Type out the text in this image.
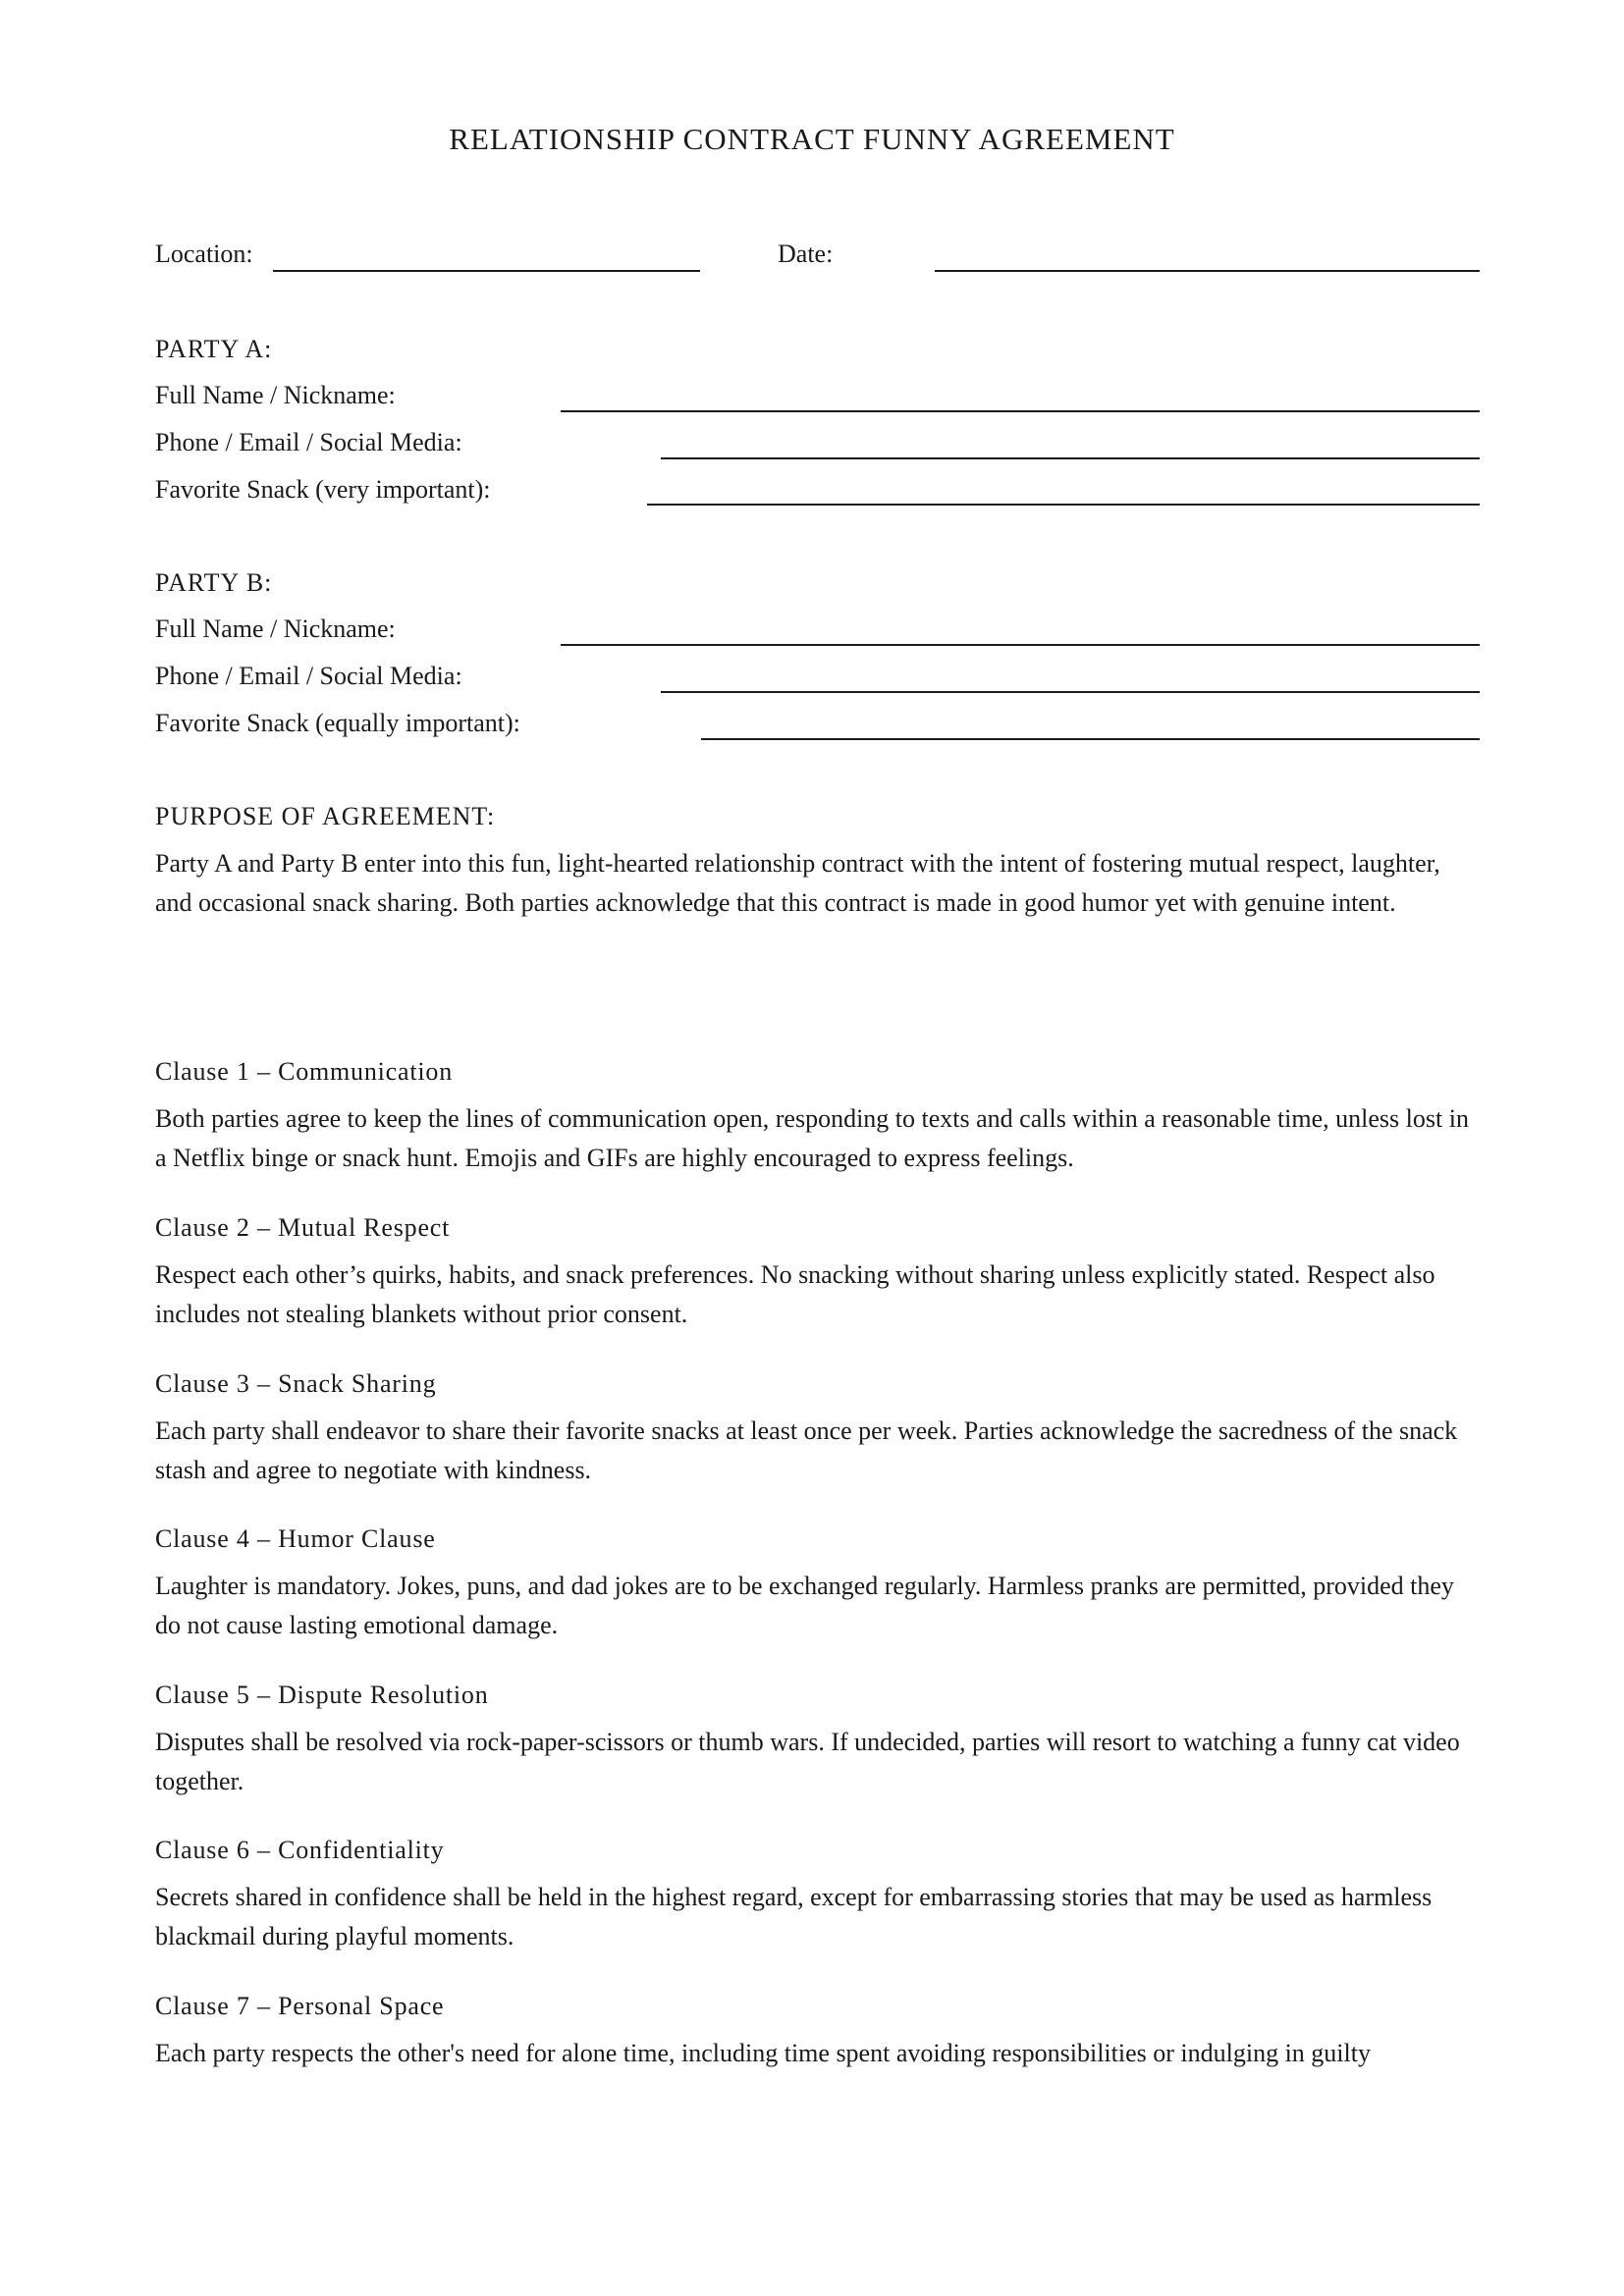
RELATIONSHIP CONTRACT FUNNY AGREEMENT
Location:	Date:
PARTY A:
Full Name / Nickname:
Phone / Email / Social Media:
Favorite Snack (very important):
PARTY B:
Full Name / Nickname:
Phone / Email / Social Media:
Favorite Snack (equally important):
PURPOSE OF AGREEMENT:

Party A and Party B enter into this fun, light-hearted relationship contract with the intent of fostering mutual respect, laughter, and occasional snack sharing. Both parties acknowledge that this contract is made in good humor yet with genuine intent.

Clause 1 – Communication

Both parties agree to keep the lines of communication open, responding to texts and calls within a reasonable time, unless lost in a Netflix binge or snack hunt. Emojis and GIFs are highly encouraged to express feelings.

Clause 2 – Mutual Respect

Respect each other’s quirks, habits, and snack preferences. No snacking without sharing unless explicitly stated. Respect also includes not stealing blankets without prior consent.

Clause 3 – Snack Sharing

Each party shall endeavor to share their favorite snacks at least once per week. Parties acknowledge the sacredness of the snack stash and agree to negotiate with kindness.

Clause 4 – Humor Clause

Laughter is mandatory. Jokes, puns, and dad jokes are to be exchanged regularly. Harmless pranks are permitted, provided they do not cause lasting emotional damage.

Clause 5 – Dispute Resolution

Disputes shall be resolved via rock-paper-scissors or thumb wars. If undecided, parties will resort to watching a funny cat video together.

Clause 6 – Confidentiality

Secrets shared in confidence shall be held in the highest regard, except for embarrassing stories that may be used as harmless blackmail during playful moments.

Clause 7 – Personal Space

Each party respects the other's need for alone time, including time spent avoiding responsibilities or indulging in guilty
